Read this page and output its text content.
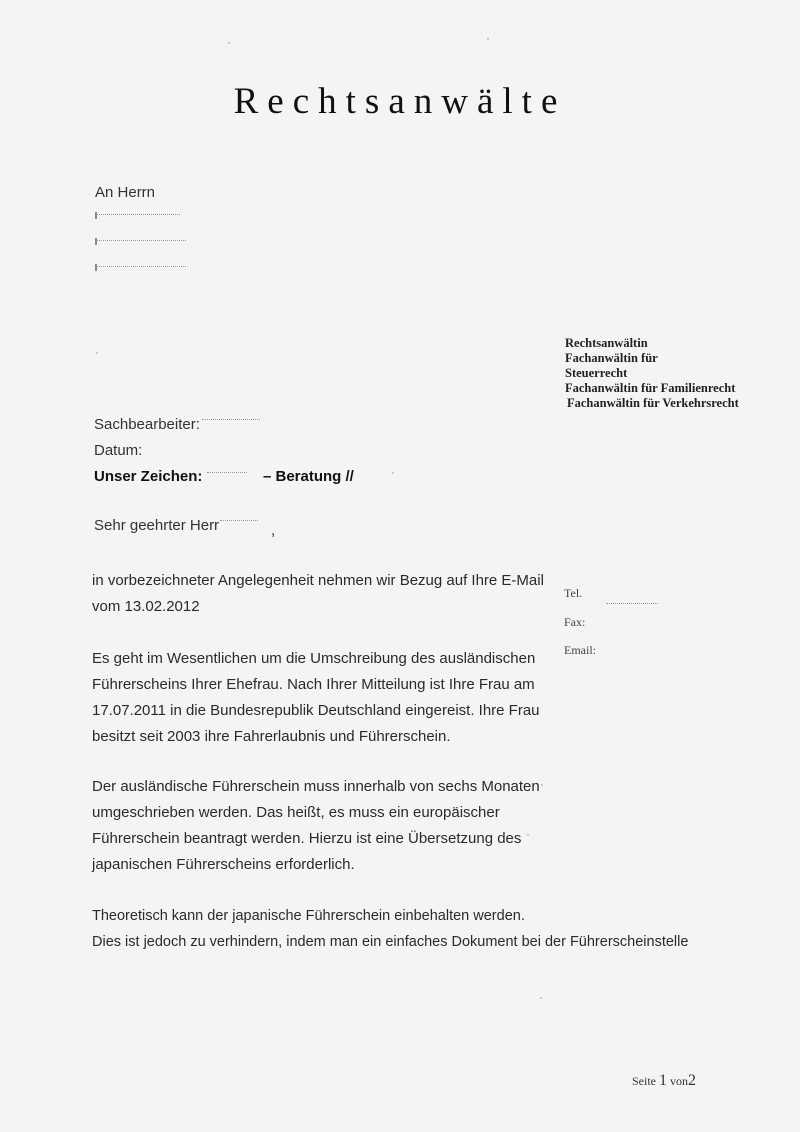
Rechtsanwälte
An Herrn
Rechtsanwältin
Fachanwältin für
Steuerrecht
Fachanwältin für Familienrecht
Fachanwältin für Verkehrsrecht
Sachbearbeiter:
Datum:
Unser Zeichen:	– Beratung //
Sehr geehrter Herr	,
in vorbezeichneter Angelegenheit nehmen wir Bezug auf Ihre E-Mail
vom 13.02.2012
Es geht im Wesentlichen um die Umschreibung des ausländischen
Führerscheins Ihrer Ehefrau. Nach Ihrer Mitteilung ist Ihre Frau am
17.07.2011 in die Bundesrepublik Deutschland eingereist. Ihre Frau
besitzt seit 2003 ihre Fahrerlaubnis und Führerschein.
Der ausländische Führerschein muss innerhalb von sechs Monaten
umgeschrieben werden. Das heißt, es muss ein europäischer
Führerschein beantragt werden. Hierzu ist eine Übersetzung des
japanischen Führerscheins erforderlich.
Theoretisch kann der japanische Führerschein einbehalten werden.
Dies ist jedoch zu verhindern, indem man ein einfaches Dokument bei der Führerscheinstelle
Tel.
Fax:
Email:
Seite 1 von2
